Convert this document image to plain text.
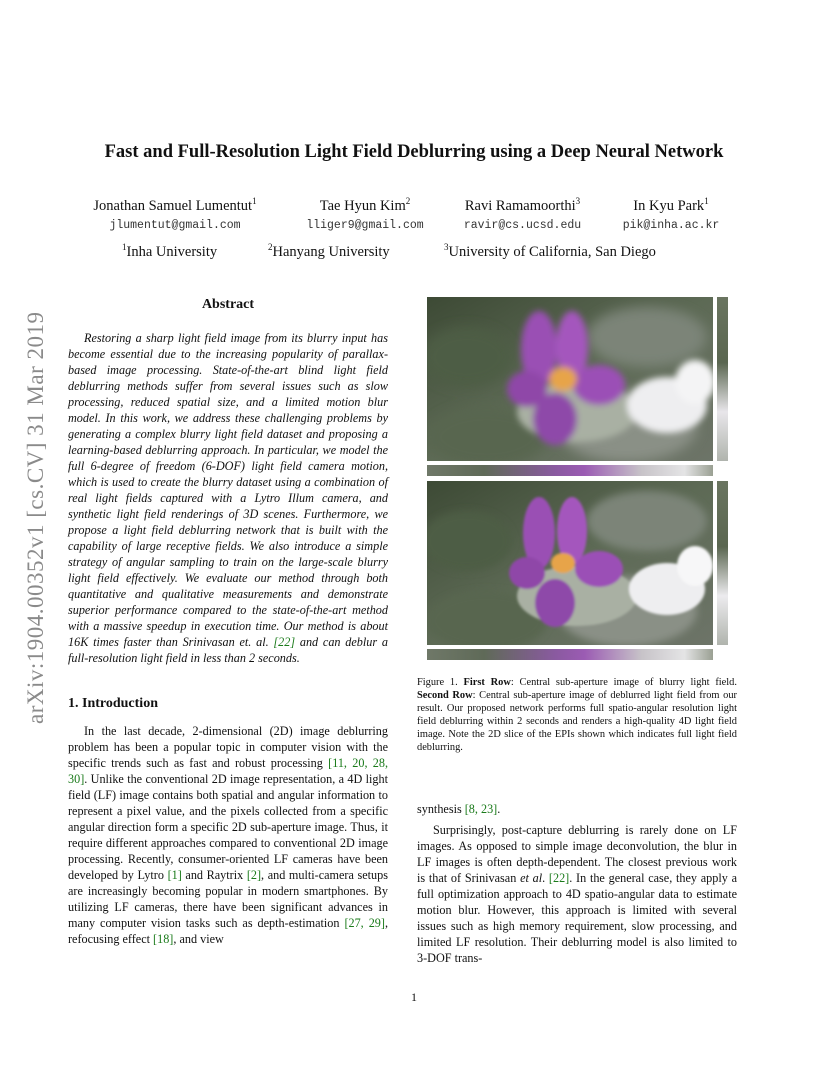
arXiv:1904.00352v1 [cs.CV] 31 Mar 2019
Fast and Full-Resolution Light Field Deblurring using a Deep Neural Network
Jonathan Samuel Lumentut$^1$
jlumentut@gmail.com
Tae Hyun Kim$^2$
lliger9@gmail.com
Ravi Ramamoorthi$^3$
ravir@cs.ucsd.edu
In Kyu Park$^1$
pik@inha.ac.kr
$^1$Inha University	$^2$Hanyang University	$^3$University of California, San Diego
Abstract
Restoring a sharp light field image from its blurry input has become essential due to the increasing popularity of parallax-based image processing. State-of-the-art blind light field deblurring methods suffer from several issues such as slow processing, reduced spatial size, and a limited motion blur model. In this work, we address these challenging problems by generating a complex blurry light field dataset and proposing a learning-based deblurring approach. In particular, we model the full 6-degree of freedom (6-DOF) light field camera motion, which is used to create the blurry dataset using a combination of real light fields captured with a Lytro Illum camera, and synthetic light field renderings of 3D scenes. Furthermore, we propose a light field deblurring network that is built with the capability of large receptive fields. We also introduce a simple strategy of angular sampling to train on the large-scale blurry light field effectively. We evaluate our method through both quantitative and qualitative measurements and demonstrate superior performance compared to the state-of-the-art method with a massive speedup in execution time. Our method is about 16K times faster than Srinivasan et. al. [22] and can deblur a full-resolution light field in less than 2 seconds.
1. Introduction
In the last decade, 2-dimensional (2D) image deblurring problem has been a popular topic in computer vision with the specific trends such as fast and robust processing [11, 20, 28, 30]. Unlike the conventional 2D image representation, a 4D light field (LF) image contains both spatial and angular information to represent a pixel value, and the pixels collected from a specific angular direction form a specific 2D sub-aperture image. Thus, it require different approaches compared to conventional 2D image processing. Recently, consumer-oriented LF cameras have been developed by Lytro [1] and Raytrix [2], and multi-camera setups are increasingly becoming popular in modern smartphones. By utilizing LF cameras, there have been significant advances in many computer vision tasks such as depth-estimation [27, 29], refocusing effect [18], and view
Figure 1. First Row: Central sub-aperture image of blurry light field. Second Row: Central sub-aperture image of deblurred light field from our result. Our proposed network performs full spatio-angular resolution light field deblurring within 2 seconds and renders a high-quality 4D light field image. Note the 2D slice of the EPIs shown which indicates full light field deblurring.
synthesis [8, 23].
Surprisingly, post-capture deblurring is rarely done on LF images. As opposed to simple image deconvolution, the blur in LF images is often depth-dependent. The closest previous work is that of Srinivasan et al. [22]. In the general case, they apply a full optimization approach to 4D spatio-angular data to estimate motion blur. However, this approach is limited with several issues such as high memory requirement, slow processing, and limited LF resolution. Their deblurring model is also limited to 3-DOF trans-
1
